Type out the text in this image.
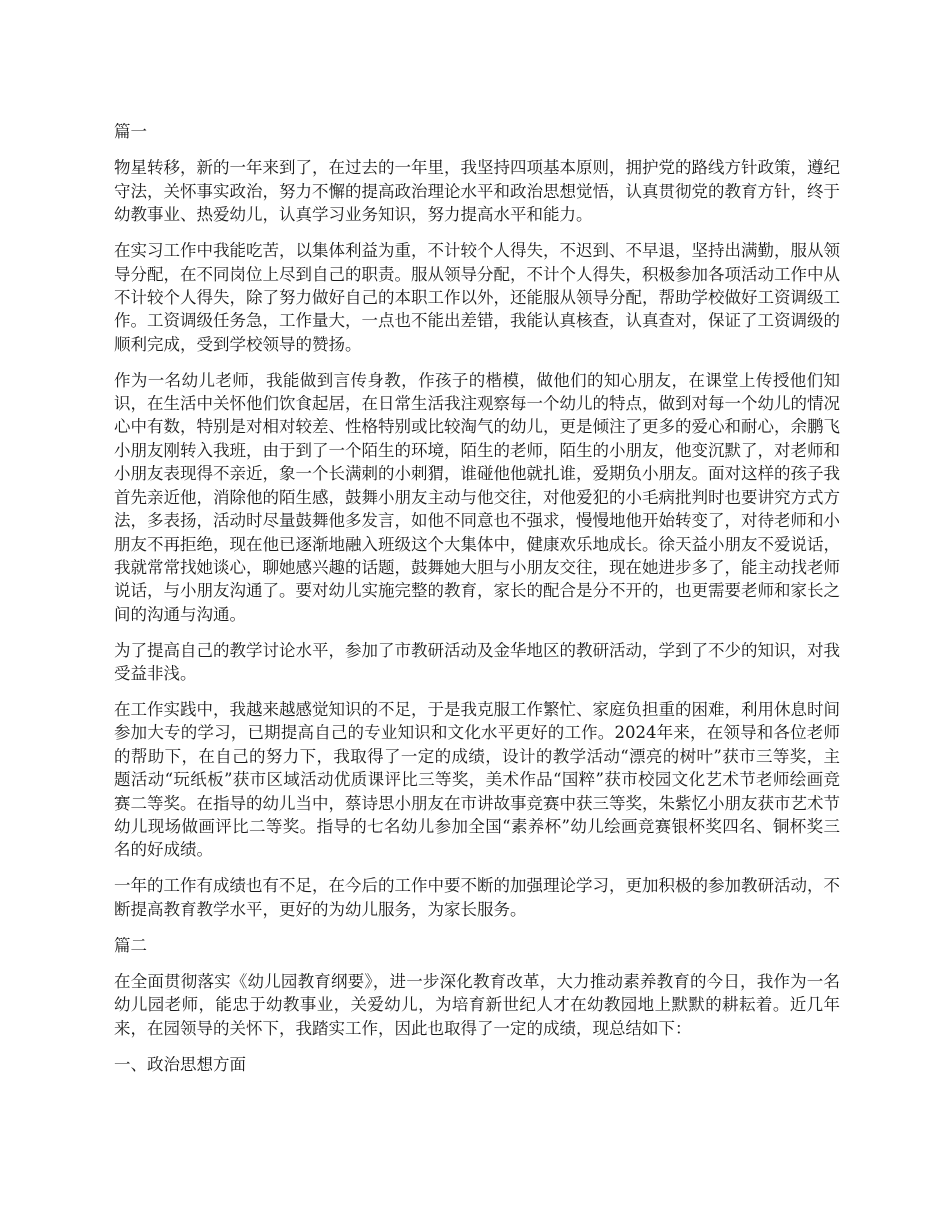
篇一

物星转移，新的一年来到了，在过去的一年里，我坚持四项基本原则，拥护党的路线方针政策，遵纪守法，关怀事实政治，努力不懈的提高政治理论水平和政治思想觉悟，认真贯彻党的教育方针，终于幼教事业、热爱幼儿，认真学习业务知识，努力提高水平和能力。

在实习工作中我能吃苦，以集体利益为重，不计较个人得失，不迟到、不早退，坚持出满勤，服从领导分配，在不同岗位上尽到自己的职责。服从领导分配，不计个人得失，积极参加各项活动工作中从不计较个人得失，除了努力做好自己的本职工作以外，还能服从领导分配，帮助学校做好工资调级工作。工资调级任务急，工作量大，一点也不能出差错，我能认真核查，认真查对，保证了工资调级的顺利完成，受到学校领导的赞扬。

作为一名幼儿老师，我能做到言传身教，作孩子的楷模，做他们的知心朋友，在课堂上传授他们知识，在生活中关怀他们饮食起居，在日常生活我注观察每一个幼儿的特点，做到对每一个幼儿的情况心中有数，特别是对相对较差、性格特别或比较淘气的幼儿，更是倾注了更多的爱心和耐心，余鹏飞小朋友刚转入我班，由于到了一个陌生的环境，陌生的老师，陌生的小朋友，他变沉默了，对老师和小朋友表现得不亲近，象一个长满刺的小刺猬，谁碰他他就扎谁，爱期负小朋友。面对这样的孩子我首先亲近他，消除他的陌生感，鼓舞小朋友主动与他交往，对他爱犯的小毛病批判时也要讲究方式方法，多表扬，活动时尽量鼓舞他多发言，如他不同意也不强求，慢慢地他开始转变了，对待老师和小朋友不再拒绝，现在他已逐渐地融入班级这个大集体中，健康欢乐地成长。徐天益小朋友不爱说话，我就常常找她谈心，聊她感兴趣的话题，鼓舞她大胆与小朋友交往，现在她进步多了，能主动找老师说话，与小朋友沟通了。要对幼儿实施完整的教育，家长的配合是分不开的，也更需要老师和家长之间的沟通与沟通。

为了提高自己的教学讨论水平，参加了市教研活动及金华地区的教研活动，学到了不少的知识，对我受益非浅。

在工作实践中，我越来越感觉知识的不足，于是我克服工作繁忙、家庭负担重的困难，利用休息时间参加大专的学习，已期提高自己的专业知识和文化水平更好的工作。2024年来，在领导和各位老师的帮助下，在自己的努力下，我取得了一定的成绩，设计的教学活动“漂亮的树叶”获市三等奖，主题活动“玩纸板”获市区域活动优质课评比三等奖，美术作品“国粹”获市校园文化艺术节老师绘画竞赛二等奖。在指导的幼儿当中，蔡诗思小朋友在市讲故事竞赛中获三等奖，朱紫忆小朋友获市艺术节幼儿现场做画评比二等奖。指导的七名幼儿参加全国“素养杯”幼儿绘画竞赛银杯奖四名、铜杯奖三名的好成绩。

一年的工作有成绩也有不足，在今后的工作中要不断的加强理论学习，更加积极的参加教研活动，不断提高教育教学水平，更好的为幼儿服务，为家长服务。

篇二

在全面贯彻落实《幼儿园教育纲要》，进一步深化教育改革，大力推动素养教育的今日，我作为一名幼儿园老师，能忠于幼教事业，关爱幼儿，为培育新世纪人才在幼教园地上默默的耕耘着。近几年来，在园领导的关怀下，我踏实工作，因此也取得了一定的成绩，现总结如下：

一、政治思想方面
